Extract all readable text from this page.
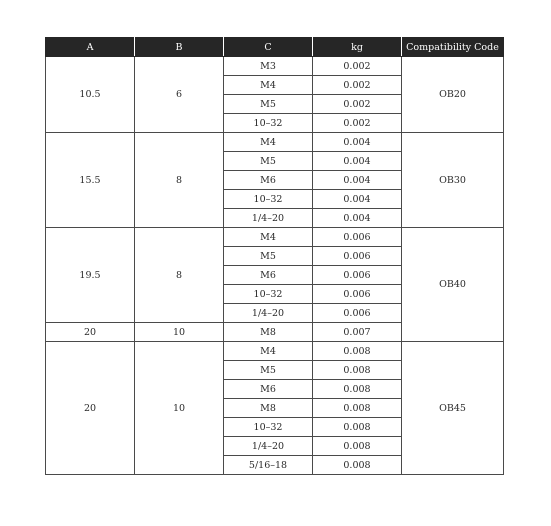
A	B	C	kg	Compatibility Code
10.5	6	M3	0.002	OB20
		M4	0.002	
		M5	0.002	
		10–32	0.002	
15.5	8	M4	0.004	OB30
		M5	0.004	
		M6	0.004	
		10–32	0.004	
		1/4–20	0.004	
19.5	8	M4	0.006	OB40
		M5	0.006	
		M6	0.006	
		10–32	0.006	
		1/4–20	0.006	
20	10	M8	0.007	
20	10	M4	0.008	OB45
		M5	0.008	
		M6	0.008	
		M8	0.008	
		10–32	0.008	
		1/4–20	0.008	
		5/16–18	0.008	
